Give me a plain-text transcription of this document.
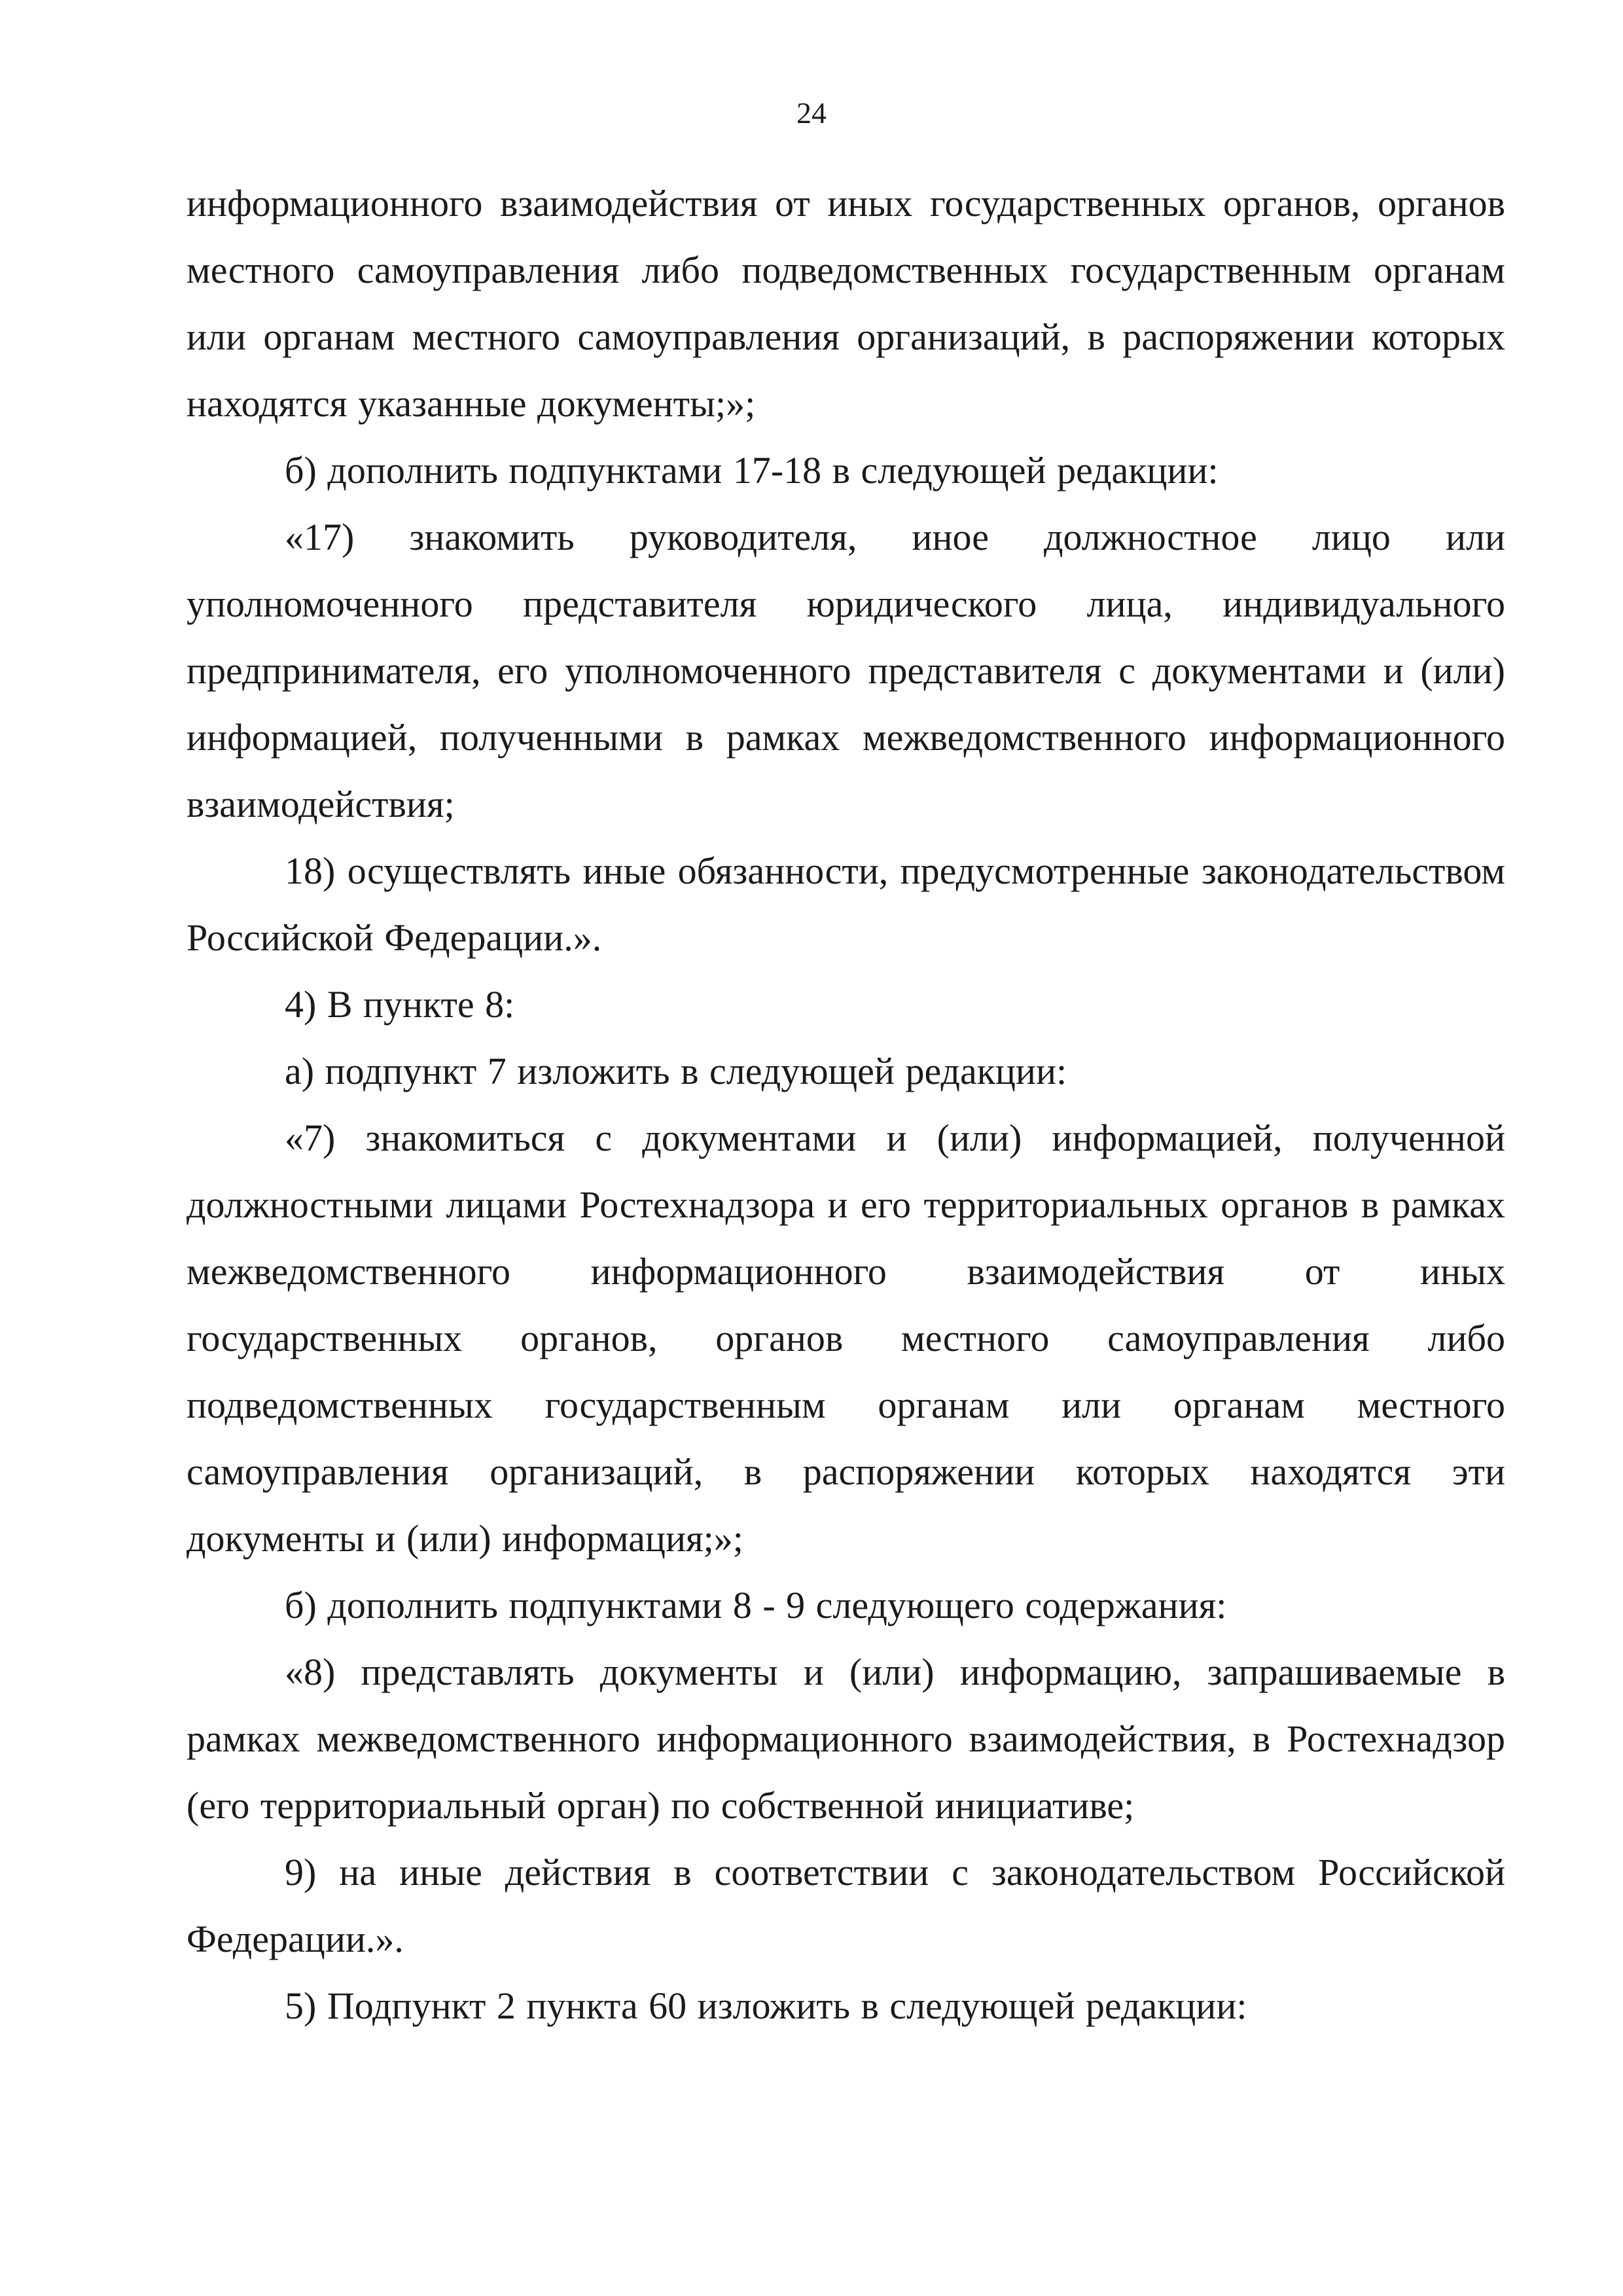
24

информационного взаимодействия от иных государственных органов, органов местного самоуправления либо подведомственных государственным органам или органам местного самоуправления организаций, в распоряжении которых находятся указанные документы;»;

б) дополнить подпунктами 17-18 в следующей редакции:

«17) знакомить руководителя, иное должностное лицо или уполномоченного представителя юридического лица, индивидуального предпринимателя, его уполномоченного представителя с документами и (или) информацией, полученными в рамках межведомственного информационного взаимодействия;

18) осуществлять иные обязанности, предусмотренные законодательством Российской Федерации.».

4) В пункте 8:

а) подпункт 7 изложить в следующей редакции:

«7) знакомиться с документами и (или) информацией, полученной должностными лицами Ростехнадзора и его территориальных органов в рамках межведомственного информационного взаимодействия от иных государственных органов, органов местного самоуправления либо подведомственных государственным органам или органам местного самоуправления организаций, в распоряжении которых находятся эти документы и (или) информация;»;

б) дополнить подпунктами 8 - 9 следующего содержания:

«8) представлять документы и (или) информацию, запрашиваемые в рамках межведомственного информационного взаимодействия, в Ростехнадзор (его территориальный орган) по собственной инициативе;

9) на иные действия в соответствии с законодательством Российской Федерации.».

5) Подпункт 2 пункта 60 изложить в следующей редакции:
